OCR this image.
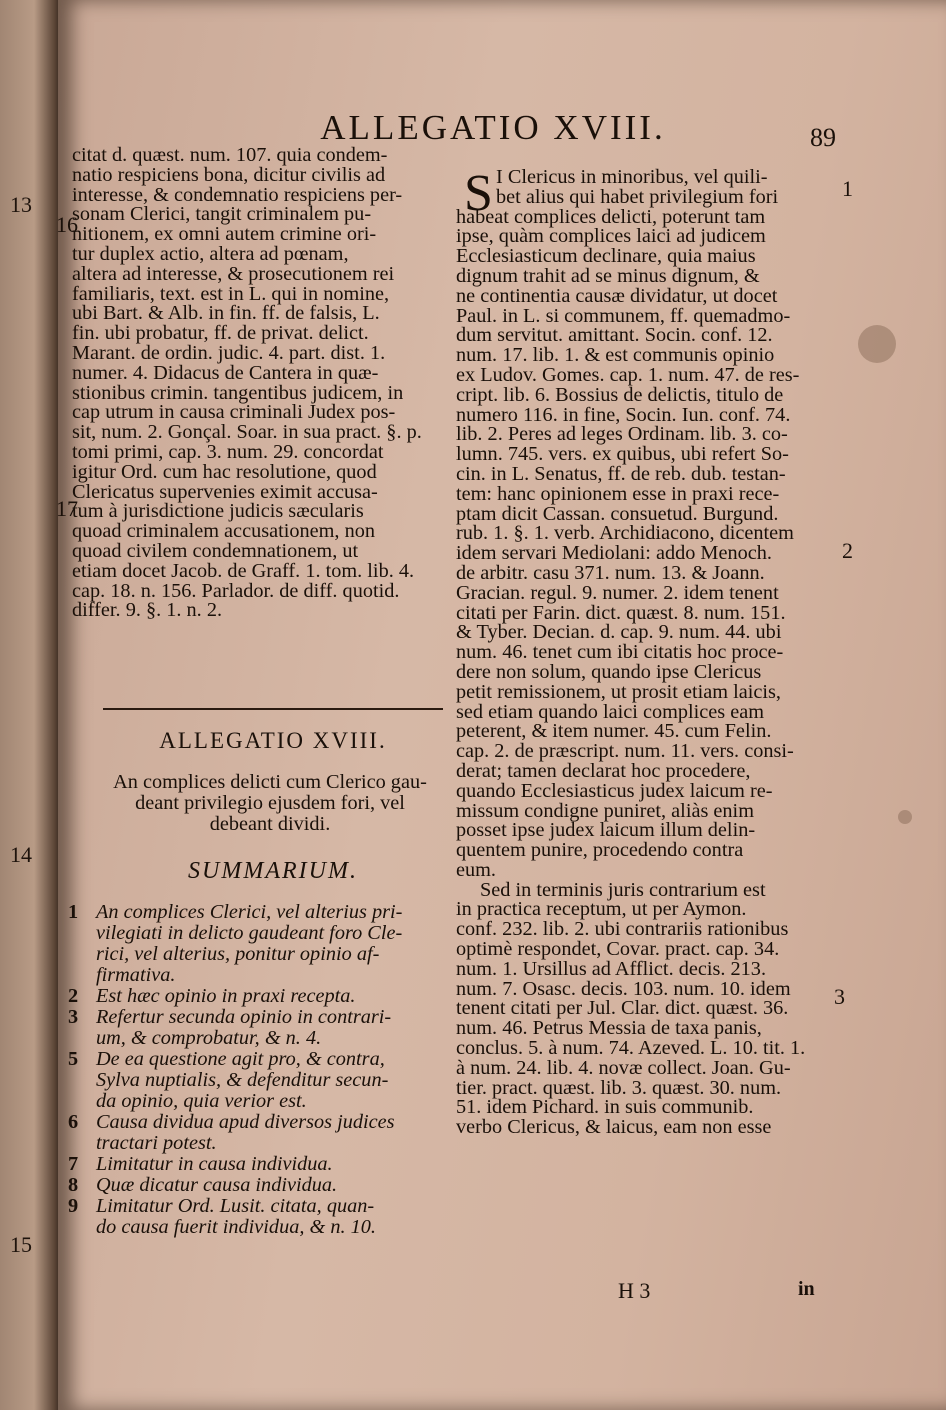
13
14
15
ALLEGATIO XVIII.	89
citat d. quæst. num. 107. quia condem-
natio respiciens bona, dicitur civilis ad
interesse, & condemnatio respiciens per-
sonam Clerici, tangit criminalem pu-
nitionem, ex omni autem crimine ori-
tur duplex actio, altera ad pœnam,
altera ad interesse, & prosecutionem rei
familiaris, text. est in L. qui in nomine,
ubi Bart. & Alb. in fin. ff. de falsis, L.
fin. ubi probatur, ff. de privat. delict.
Marant. de ordin. judic. 4. part. dist. 1.
numer. 4. Didacus de Cantera in quæ-
stionibus crimin. tangentibus judicem, in
cap utrum in causa criminali Judex pos-
sit, num. 2. Gonçal. Soar. in sua pract. §. p.
tomi primi, cap. 3. num. 29. concordat
igitur Ord. cum hac resolutione, quod
Clericatus supervenies eximit accusa-
tum à jurisdictione judicis sæcularis
quoad criminalem accusationem, non
quoad civilem condemnationem, ut
etiam docet Jacob. de Graff. 1. tom. lib. 4.
cap. 18. n. 156. Parlador. de diff. quotid.
differ. 9. §. 1. n. 2.
16
17
ALLEGATIO XVIII.
An complices delicti cum Clerico gau-
deant privilegio ejusdem fori, vel
debeant dividi.
SUMMARIUM.
1 An complices Clerici, vel alterius pri-
vilegiati in delicto gaudeant foro Cle-
rici, vel alterius, ponitur opinio af-
firmativa.
2 Est hæc opinio in praxi recepta.
3 Refertur secunda opinio in contrari-
um, & comprobatur, & n. 4.
5 De ea questione agit pro, & contra,
Sylva nuptialis, & defenditur secun-
da opinio, quia verior est.
6 Causa dividua apud diversos judices
tractari potest.
7 Limitatur in causa individua.
8 Quæ dicatur causa individua.
9 Limitatur Ord. Lusit. citata, quan-
do causa fuerit individua, & n. 10.
S I Clericus in minoribus, vel quili-
bet alius qui habet privilegium fori
habeat complices delicti, poterunt tam
ipse, quàm complices laici ad judicem
Ecclesiasticum declinare, quia maius
dignum trahit ad se minus dignum, &
ne continentia causæ dividatur, ut docet
Paul. in L. si communem, ff. quemadmo-
dum servitut. amittant. Socin. conf. 12.
num. 17. lib. 1. & est communis opinio
ex Ludov. Gomes. cap. 1. num. 47. de res-
cript. lib. 6. Bossius de delictis, titulo de
numero 116. in fine, Socin. Iun. conf. 74.
lib. 2. Peres ad leges Ordinam. lib. 3. co-
lumn. 745. vers. ex quibus, ubi refert So-
cin. in L. Senatus, ff. de reb. dub. testan-
tem: hanc opinionem esse in praxi rece-
ptam dicit Cassan. consuetud. Burgund.
rub. 1. §. 1. verb. Archidiacono, dicentem
idem servari Mediolani: addo Menoch.
de arbitr. casu 371. num. 13. & Joann.
Gracian. regul. 9. numer. 2. idem tenent
citati per Farin. dict. quæst. 8. num. 151.
& Tyber. Decian. d. cap. 9. num. 44. ubi
num. 46. tenet cum ibi citatis hoc proce-
dere non solum, quando ipse Clericus
petit remissionem, ut prosit etiam laicis,
sed etiam quando laici complices eam
peterent, & item numer. 45. cum Felin.
cap. 2. de præscript. num. 11. vers. consi-
derat; tamen declarat hoc procedere,
quando Ecclesiasticus judex laicum re-
missum condigne puniret, aliàs enim
posset ipse judex laicum illum delin-
quentem punire, procedendo contra
eum.
Sed in terminis juris contrarium est
in practica receptum, ut per Aymon.
conf. 232. lib. 2. ubi contrariis rationibus
optimè respondet, Covar. pract. cap. 34.
num. 1. Ursillus ad Afflict. decis. 213.
num. 7. Osasc. decis. 103. num. 10. idem
tenent citati per Jul. Clar. dict. quæst. 36.
num. 46. Petrus Messia de taxa panis,
conclus. 5. à num. 74. Azeved. L. 10. tit. 1.
à num. 24. lib. 4. novæ collect. Joan. Gu-
tier. pract. quæst. lib. 3. quæst. 30. num.
51. idem Pichard. in suis communib.
verbo Clericus, & laicus, eam non esse
1
2
3
H 3	in
